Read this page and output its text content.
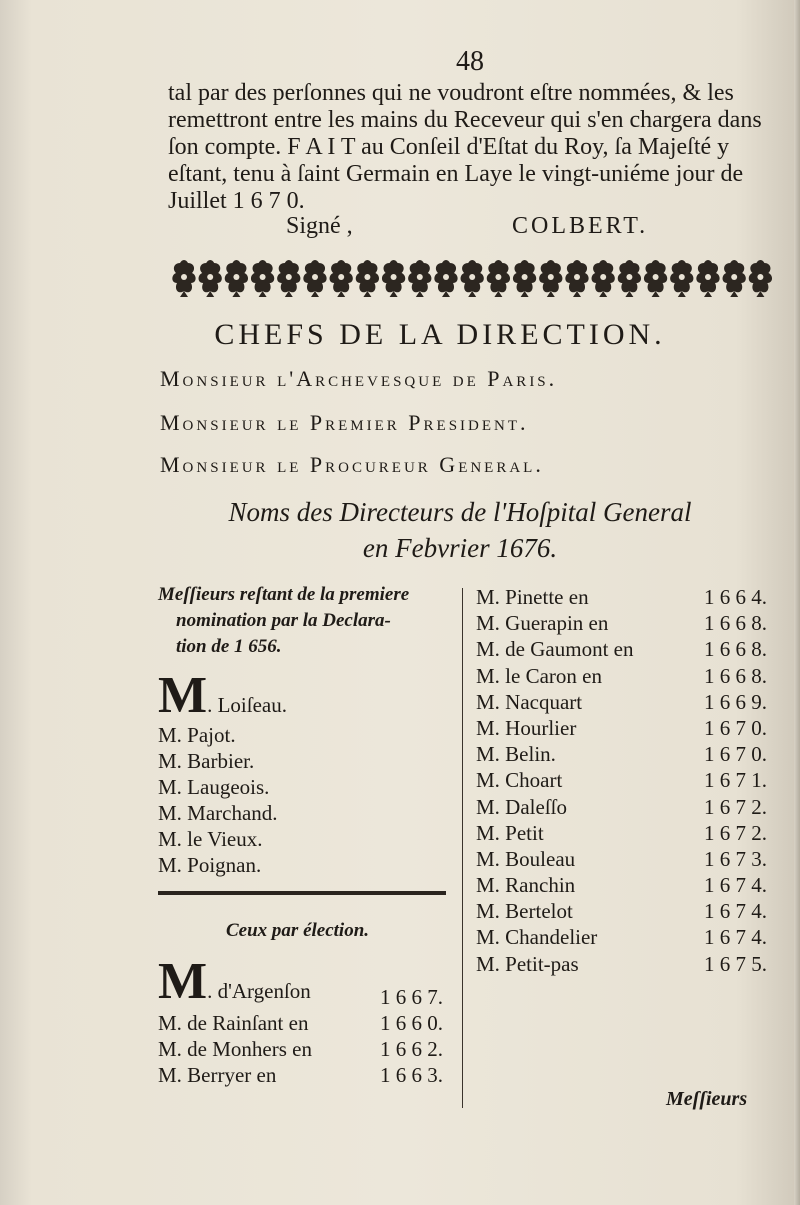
48

tal par des perſonnes qui ne voudront eſtre nommées, & les
remettront entre les mains du Receveur qui s'en chargera dans
ſon compte. F A I T au Conſeil d'Eſtat du Roy, ſa Majeſté y
eſtant, tenu à ſaint Germain en Laye le vingt-uniéme jour de
Juillet 1 6 7 0.

Signé ,	COLBERT.
CHEFS DE LA DIRECTION.
Monsieur l'Archevesque de Paris.
Monsieur le Premier President.
Monsieur le Procureur General.
Noms des Directeurs de l'Hoſpital General
en Febvrier 1676.
Meſſieurs reſtant de la premiere
nomination par la Declara-
tion de 1 656.
M. Loiſeau.
M. Pajot.
M. Barbier.
M. Laugeois.
M. Marchand.
M. le Vieux.
M. Poignan.
Ceux par élection.
M. d'Argenſon	1 6 6 7.
M. de Rainſant en	1 6 6 0.
M. de Monhers en	1 6 6 2.
M. Berryer en	1 6 6 3.
M. Pinette en	1 6 6 4.
M. Guerapin en	1 6 6 8.
M. de Gaumont en	1 6 6 8.
M. le Caron en	1 6 6 8.
M. Nacquart	1 6 6 9.
M. Hourlier	1 6 7 0.
M. Belin.	1 6 7 0.
M. Choart	1 6 7 1.
M. Daleſſo	1 6 7 2.
M. Petit	1 6 7 2.
M. Bouleau	1 6 7 3.
M. Ranchin	1 6 7 4.
M. Bertelot	1 6 7 4.
M. Chandelier	1 6 7 4.
M. Petit-pas	1 6 7 5.
Meſſieurs
